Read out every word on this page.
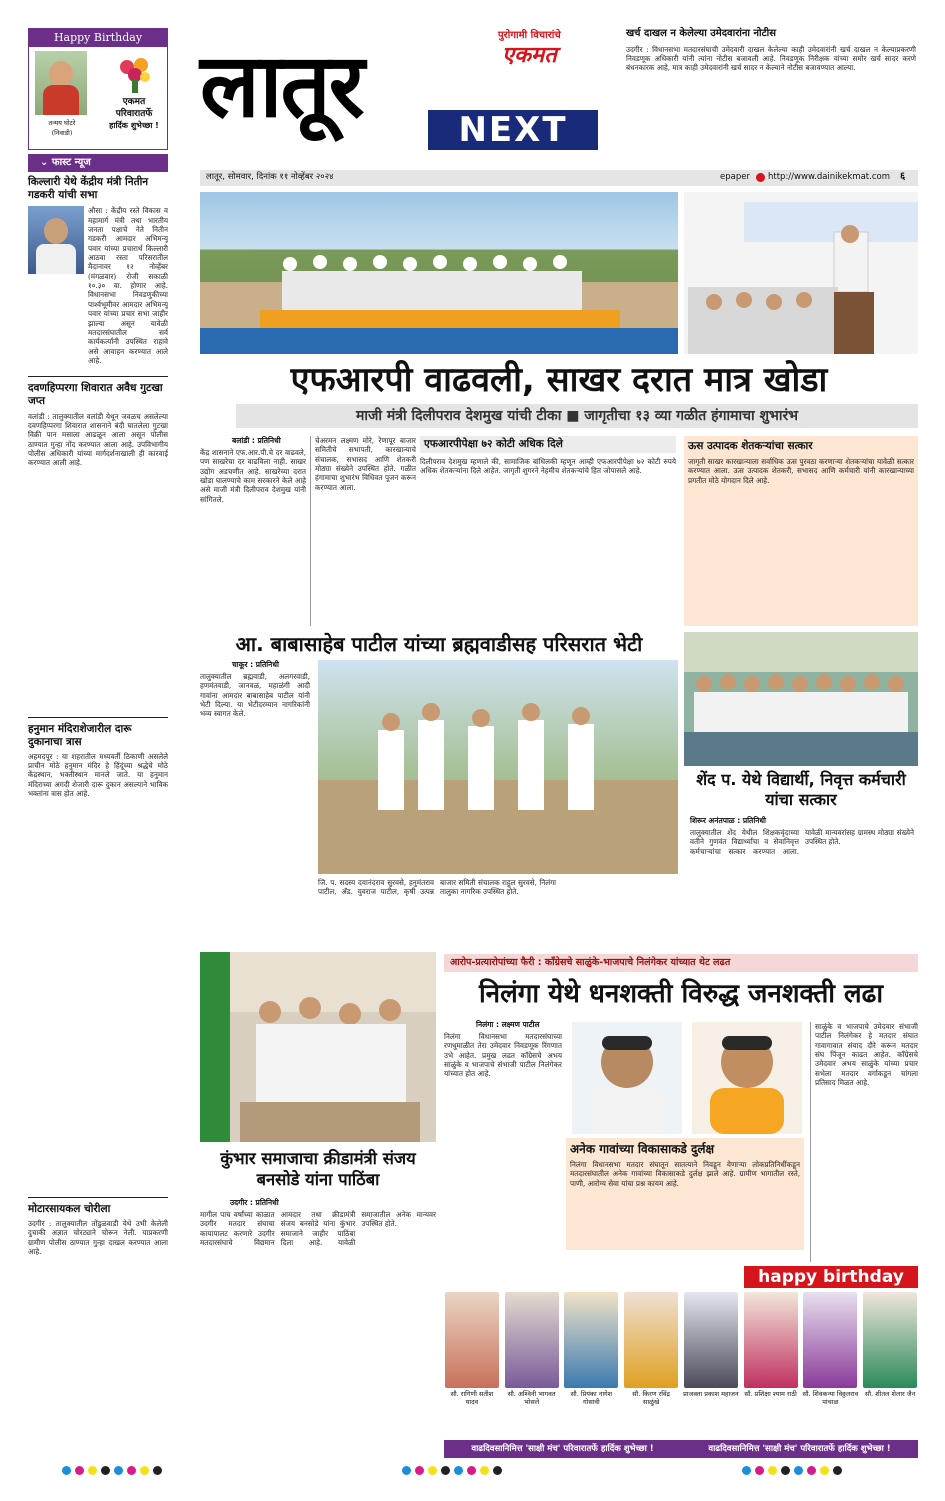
Happy Birthday
तन्मय घोटरे
(निवाडी)
एकमत
परिवारातर्फे
हार्दिक शुभेच्छा !
⌄ फास्ट न्यूज
किल्लारी येथे केंद्रीय मंत्री नितीन गडकरी यांची सभा
औसा : केंद्रीय रस्ते विकास व महामार्ग मंत्री तथा भारतीय जनता पक्षाचे नेते नितीन गडकरी आमदार अभिमन्यू पवार यांच्या प्रचारार्थ किल्लारी आठवा रस्ता परिसरातील मैदानावर १२ नोव्हेंबर (मंगळवार) रोजी सकाळी १०.३० वा. होणार आहे. विधानसभा निवडणुकीच्या पार्श्वभूमीवर आमदार अभिमन्यू पवार यांच्या प्रचार सभा जाहीर झाल्या असून यावेळी मतदारसंघातील सर्व कार्यकर्त्यांनी उपस्थित राहावे असे आवाहन करण्यात आले आहे.
दवणहिप्परगा शिवारात अवैध गुटखा जप्त
वलांडी : तालुक्यातील वलांडी येथून जवळच असलेल्या दवणहिप्परगा शिवारात शासनाने बंदी घातलेला गुटखा विक्री पान मसाला आढळून आला असून पोलीस ठाण्यात गुन्हा नोंद करण्यात आला आहे. उपविभागीय पोलीस अधिकारी यांच्या मार्गदर्शनाखाली ही कारवाई करण्यात आली आहे.
हनुमान मंदिराशेजारील दारू दुकानाचा त्रास
अहमदपूर : या शहरातील मध्यवर्ती ठिकाणी असलेले प्राचीन मोठे हनुमान मंदिर हे हिंदूंच्या श्रद्धेचे मोठे केंद्रस्थान, भक्तीस्थान मानले जाते. या हनुमान मंदिराच्या अगदी शेजारी दारू दुकान असल्याने भाविक भक्तांना त्रास होत आहे.
मोटारसायकल चोरीला
उदगीर : तालुक्यातील तोंडुळवाडी येथे उभी केलेली दुचाकी अज्ञात चोरट्याने चोरून नेली. याप्रकरणी ग्रामीण पोलीस ठाण्यात गुन्हा दाखल करण्यात आला आहे.
लातूर	पुरोगामी विचारांचे
एकमत
NEXT
खर्च दाखल न केलेल्या उमेदवारांना नोटीस
उदगीर : विधानसभा मतदारसंघाची उमेदवारी दाखल केलेल्या काही उमेदवारांनी खर्च दाखल न केल्याप्रकरणी निवडणूक अधिकारी यांनी त्यांना नोटीस बजावली आहे. निवडणूक निरीक्षक यांच्या समोर खर्च सादर करणे बंधनकारक आहे, मात्र काही उमेदवारांनी खर्च सादर न केल्याने नोटीस बजावण्यात आल्या.
लातूर, सोमवार, दिनांक ११ नोव्हेंबर २०२४	epaper http://www.dainikekmat.com ६
एफआरपी वाढवली, साखर दरात मात्र खोडा
माजी मंत्री दिलीपराव देशमुख यांची टीका ■ जागृतीचा १३ व्या गळीत हंगामाचा शुभारंभ
बलांडी : प्रतिनिधी
केंद्र शासनाने एफ.आर.पी.चे दर वाढवले, पण साखरेचा दर वाढविला नाही. साखर उद्योग अडचणीत आहे. साखरेच्या दरात खोडा घालण्याचे काम सरकारने केले आहे असे माजी मंत्री दिलीपराव देशमुख यांनी सांगितले.
चेअरमन लक्ष्मण मोरे, रेणापूर बाजार समितीचे सभापती, कारखान्याचे संचालक, सभासद आणि शेतकरी मोठ्या संख्येने उपस्थित होते. गळीत हंगामाचा शुभारंभ विधिवत पूजन करून करण्यात आला.
एफआरपीपेक्षा ७२ कोटी अधिक दिले
दिलीपराव देशमुख म्हणाले की, सामाजिक बांधिलकी म्हणून आम्ही एफआरपीपेक्षा ७२ कोटी रुपये अधिक शेतकऱ्यांना दिले आहेत. जागृती शुगरने नेहमीच शेतकऱ्यांचे हित जोपासले आहे.
ऊस उत्पादक शेतकऱ्यांचा सत्कार
जागृती साखर कारखान्याला सर्वाधिक ऊस पुरवठा करणाऱ्या शेतकऱ्यांचा यावेळी सत्कार करण्यात आला. ऊस उत्पादक शेतकरी, सभासद आणि कर्मचारी यांनी कारखान्याच्या प्रगतीत मोठे योगदान दिले आहे.
आ. बाबासाहेब पाटील यांच्या ब्रह्मवाडीसह परिसरात भेटी
चाकूर : प्रतिनिधी
तालुक्यातील ब्रह्मवाडी, अलगरवाडी, हणमंतवाडी, जानवळ, महाळंगी आदी गावांना आमदार बाबासाहेब पाटील यांनी भेटी दिल्या. या भेटीदरम्यान नागरिकांनी भव्य स्वागत केले.
जि. प. सदस्य दयानंदराव सुरवसे, हनुमंतराव पाटील, अ‍ॅड. युवराज पाटील, कृषी उत्पन्न बाजार समिती संचालक राहुल सुरवसे, निलंगा तालुका नागरिक उपस्थित होते.
शेंद प. येथे विद्यार्थी, निवृत्त कर्मचारी यांचा सत्कार
शिरूर अनंतपाळ : प्रतिनिधी
तालुक्यातील शेंद येथील शिक्षकवृंदाच्या वतीने गुणवंत विद्यार्थ्यांचा व सेवानिवृत्त कर्मचाऱ्यांचा सत्कार करण्यात आला. यावेळी मान्यवरांसह ग्रामस्थ मोठ्या संख्येने उपस्थित होते.
कुंभार समाजाचा क्रीडामंत्री संजय बनसोडे यांना पाठिंबा
उदगीर : प्रतिनिधी
मागील पाच वर्षांच्या काळात उदगीर मतदार संघाचा कायापालट करणारे उदगीर मतदारसंघाचे विद्यमान आमदार तथा क्रीडामंत्री संजय बनसोडे यांना कुंभार समाजाने जाहीर पाठिंबा दिला आहे. यावेळी समाजातील अनेक मान्यवर उपस्थित होते.
आरोप-प्रत्यारोपांच्या फैरी : काँग्रेसचे साळुंके-भाजपाचे निलंगेकर यांच्यात थेट लढत
निलंगा येथे धनशक्ती विरुद्ध जनशक्ती लढा
निलंगा : लक्ष्मण पाटील
निलंगा विधानसभा मतदारसंघाच्या रणधुमाळीत तेरा उमेदवार निवडणूक रिंगणात उभे आहेत. प्रमुख लढत काँग्रेसचे अभय साळुंके व भाजपाचे संभाजी पाटील निलंगेकर यांच्यात होत आहे.
अनेक गावांच्या विकासाकडे दुर्लक्ष
निलंगा विधानसभा मतदार संघातून सातत्याने निवडून येणाऱ्या लोकप्रतिनिधींकडून मतदारसंघातील अनेक गावांच्या विकासाकडे दुर्लक्ष झाले आहे. ग्रामीण भागातील रस्ते, पाणी, आरोग्य सेवा यांचा प्रश्न कायम आहे.
साळुंके व भाजपाचे उमेदवार संभाजी पाटील निलंगेकर हे मतदार संघात गावागावात संवाद दौरे करून मतदार संघ पिंजून काढत आहेत. कॉंग्रेसचे उमेदवार अभय साळुंके यांच्या प्रचार सभेला मतदार वर्गाकडून चांगला प्रतिसाद मिळत आहे.
happy birthday
सौ. रागिणी सतीश यादव
सौ. अश्विनी भागवत भोसले
सौ. प्रियंका नागेश गोसावी
सौ. किरण रविंद्र साळुंखे
प्राजक्ता प्रकाश महाजन सौ. प्रशिक्षा श्याम राठी सौ. शिवकन्या विठ्ठलराव पांचाळ
सौ. शीतल शेलार जैन
वाढदिवसानिमित्त 'साक्षी मंच' परिवारातर्फे हार्दिक शुभेच्छा !	वाढदिवसानिमित्त 'साक्षी मंच' परिवारातर्फे हार्दिक शुभेच्छा !
